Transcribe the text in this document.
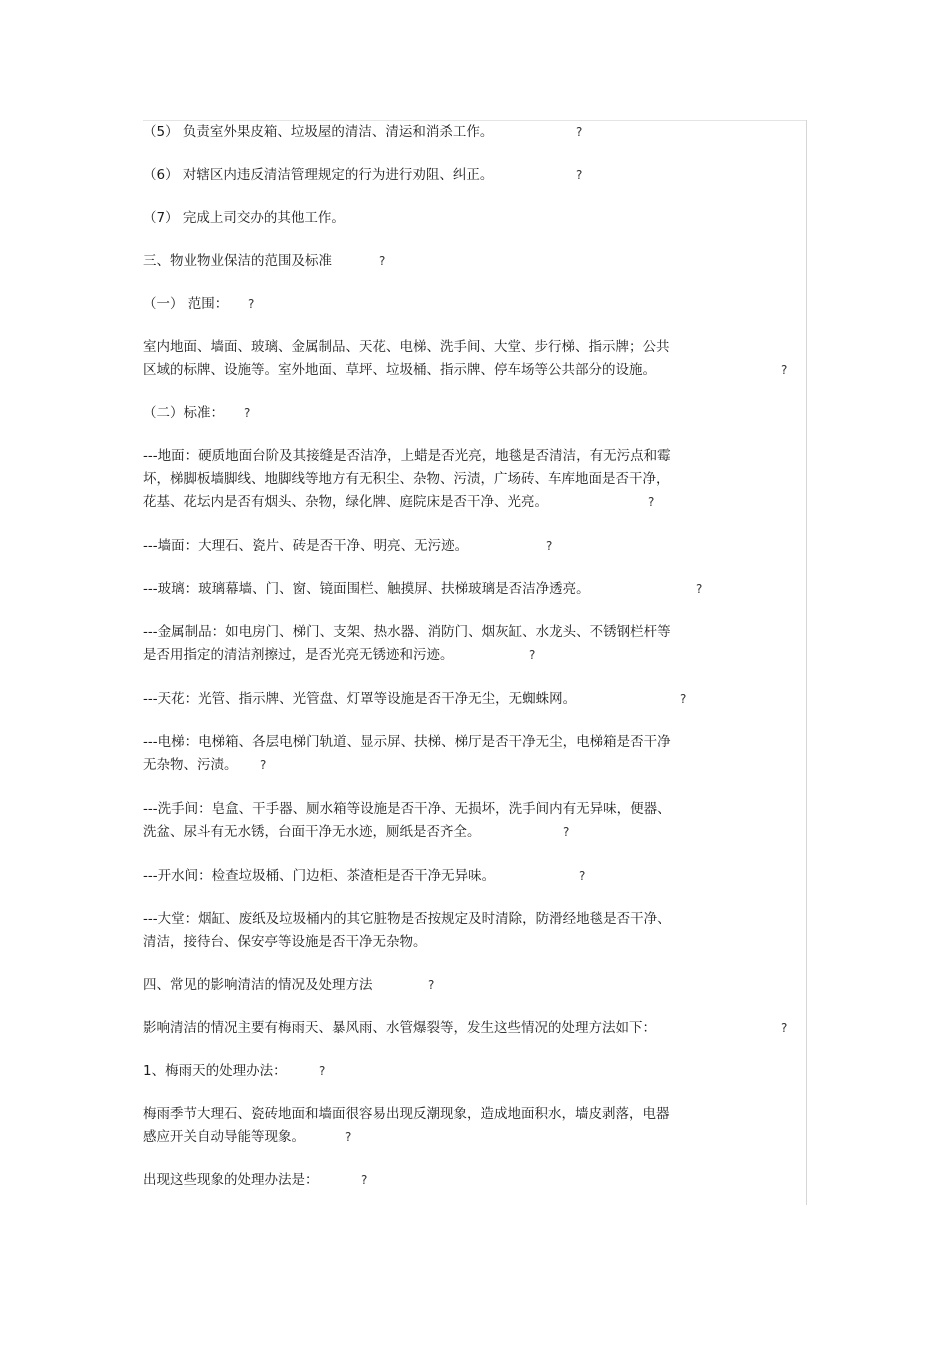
（5） 负责室外果皮箱、垃圾屋的清洁、清运和消杀工作。	?

（6） 对辖区内违反清洁管理规定的行为进行劝阻、纠正。	?

（7） 完成上司交办的其他工作。

三、物业物业保洁的范围及标准	?

（一） 范围：	?

室内地面、墙面、玻璃、金属制品、天花、电梯、洗手间、大堂、步行梯、指示牌；公共
区域的标牌、设施等。室外地面、草坪、垃圾桶、指示牌、停车场等公共部分的设施。	?

（二）标准：	?

---地面：硬质地面台阶及其接缝是否洁净，上蜡是否光亮，地毯是否清洁，有无污点和霉
坏，梯脚板墙脚线、地脚线等地方有无积尘、杂物、污渍，广场砖、车库地面是否干净，
花基、花坛内是否有烟头、杂物，绿化牌、庭院床是否干净、光亮。	?

---墙面：大理石、瓷片、砖是否干净、明亮、无污迹。	?

---玻璃：玻璃幕墙、门、窗、镜面围栏、触摸屏、扶梯玻璃是否洁净透亮。	?

---金属制品：如电房门、梯门、支架、热水器、消防门、烟灰缸、水龙头、不锈钢栏杆等
是否用指定的清洁剂擦过，是否光亮无锈迹和污迹。	?

---天花：光管、指示牌、光管盘、灯罩等设施是否干净无尘，无蜘蛛网。	?

---电梯：电梯箱、各层电梯门轨道、显示屏、扶梯、梯厅是否干净无尘，电梯箱是否干净
无杂物、污渍。	?

---洗手间：皂盒、干手器、厕水箱等设施是否干净、无损坏，洗手间内有无异味，便器、
洗盆、尿斗有无水锈，台面干净无水迹，厕纸是否齐全。	?

---开水间：检查垃圾桶、门边柜、茶渣柜是否干净无异味。	?

---大堂：烟缸、废纸及垃圾桶内的其它脏物是否按规定及时清除，防滑经地毯是否干净、
清洁，接待台、保安亭等设施是否干净无杂物。

四、常见的影响清洁的情况及处理方法	?

影响清洁的情况主要有梅雨天、暴风雨、水管爆裂等，发生这些情况的处理方法如下：	?

1、梅雨天的处理办法：	?

梅雨季节大理石、瓷砖地面和墙面很容易出现反潮现象，造成地面积水，墙皮剥落，电器
感应开关自动导能等现象。	?

出现这些现象的处理办法是：	?
